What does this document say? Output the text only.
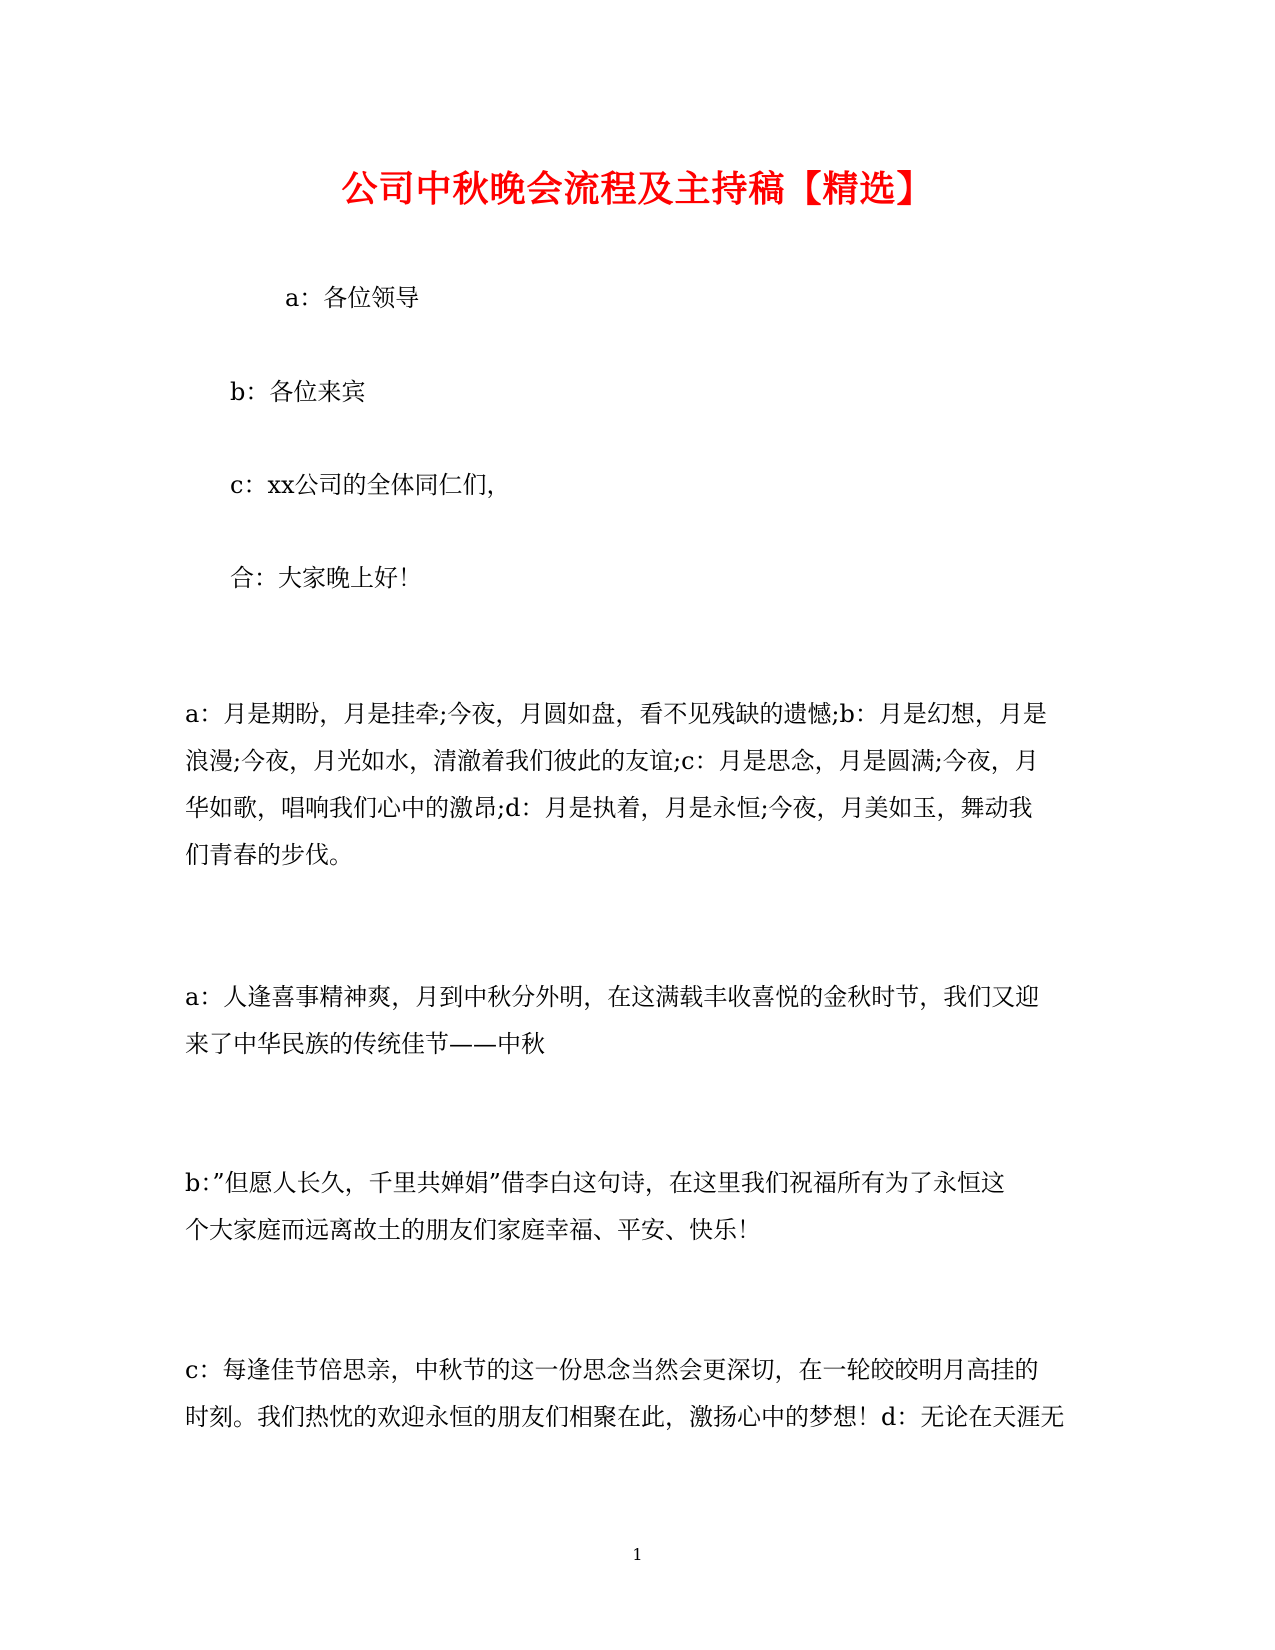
公司中秋晚会流程及主持稿【精选】
a：各位领导
b：各位来宾
c：xx公司的全体同仁们，
合：大家晚上好！
a：月是期盼，月是挂牵;今夜，月圆如盘，看不见残缺的遗憾;b：月是幻想，月是
浪漫;今夜，月光如水，清澈着我们彼此的友谊;c：月是思念，月是圆满;今夜，月
华如歌，唱响我们心中的激昂;d：月是执着，月是永恒;今夜，月美如玉，舞动我
们青春的步伐。
a：人逢喜事精神爽，月到中秋分外明，在这满载丰收喜悦的金秋时节，我们又迎
来了中华民族的传统佳节——中秋
b：”但愿人长久，千里共婵娟”借李白这句诗，在这里我们祝福所有为了永恒这
个大家庭而远离故土的朋友们家庭幸福、平安、快乐！
c：每逢佳节倍思亲，中秋节的这一份思念当然会更深切，在一轮皎皎明月高挂的
时刻。我们热忱的欢迎永恒的朋友们相聚在此，激扬心中的梦想！d：无论在天涯无
1
